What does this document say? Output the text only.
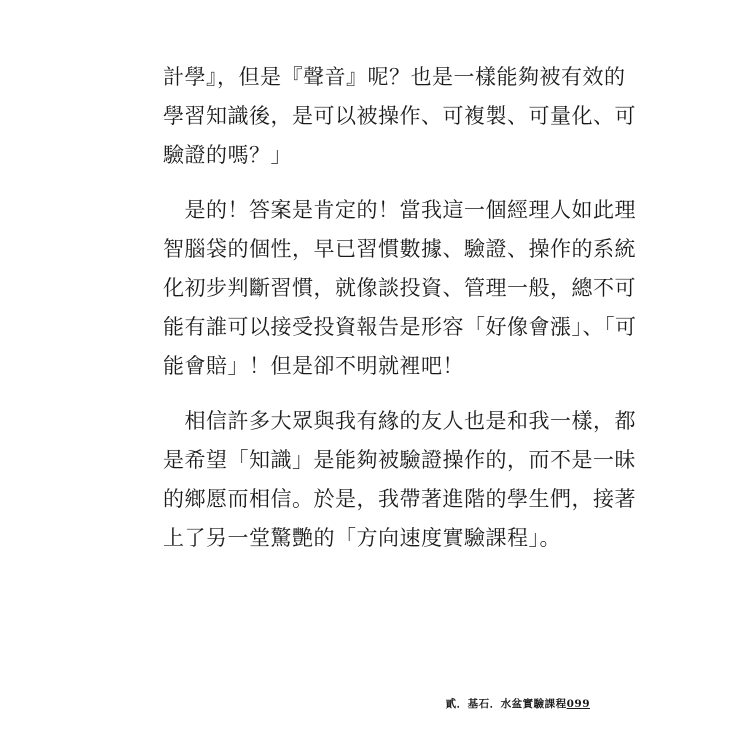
計學』，但是『聲音』呢？也是一樣能夠被有效的
學習知識後，是可以被操作、可複製、可量化、可
驗證的嗎？」
　是的！答案是肯定的！當我這一個經理人如此理
智腦袋的個性，早已習慣數據、驗證、操作的系統
化初步判斷習慣，就像談投資、管理一般，總不可
能有誰可以接受投資報告是形容「好像會漲」、「可
能會賠」！但是卻不明就裡吧！
　相信許多大眾與我有緣的友人也是和我一樣，都
是希望「知識」是能夠被驗證操作的，而不是一昧
的鄉愿而相信。於是，我帶著進階的學生們，接著
上了另一堂驚艷的「方向速度實驗課程」。
貳．基石．水盆實驗課程099
